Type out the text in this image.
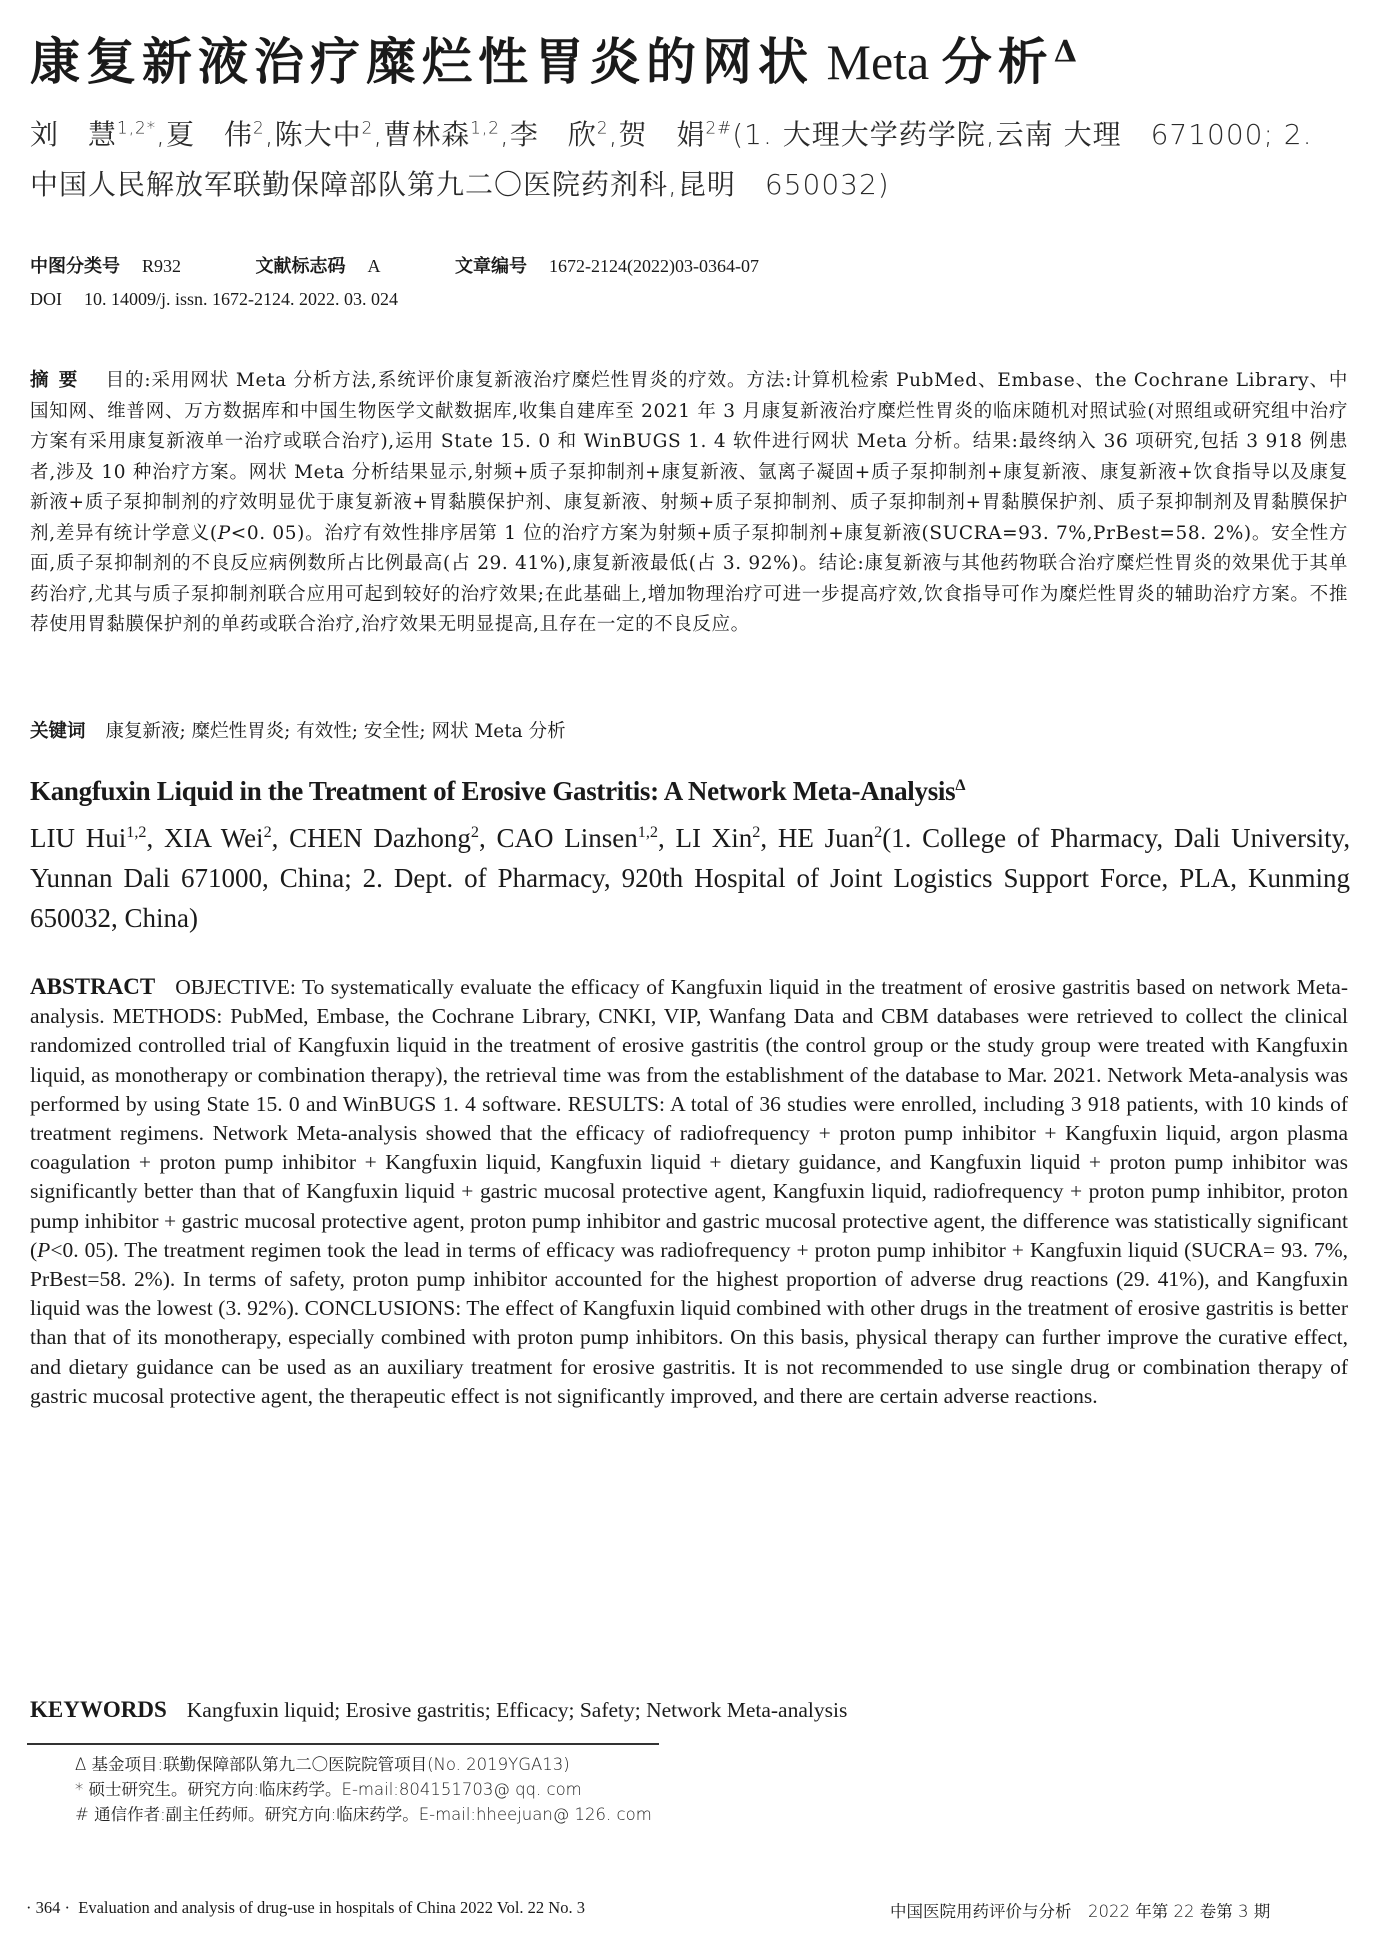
康复新液治疗糜烂性胃炎的网状 Meta 分析$^\Delta$
刘　慧$^{1,2*}$,夏　伟$^2$,陈大中$^2$,曹林森$^{1,2}$,李　欣$^2$,贺　娟$^{2\#}$(1. 大理大学药学院,云南 大理　671000; 2. 中国人民解放军联勤保障部队第九二〇医院药剂科,昆明　650032)
中图分类号 R932	文献标志码 A	文章编号 1672-2124(2022)03-0364-07
DOI 10. 14009/j. issn. 1672-2124. 2022. 03. 024
摘要 目的:采用网状 Meta 分析方法,系统评价康复新液治疗糜烂性胃炎的疗效。方法:计算机检索 PubMed、Embase、the Cochrane Library、中国知网、维普网、万方数据库和中国生物医学文献数据库,收集自建库至 2021 年 3 月康复新液治疗糜烂性胃炎的临床随机对照试验(对照组或研究组中治疗方案有采用康复新液单一治疗或联合治疗),运用 State 15. 0 和 WinBUGS 1. 4 软件进行网状 Meta 分析。结果:最终纳入 36 项研究,包括 3 918 例患者,涉及 10 种治疗方案。网状 Meta 分析结果显示,射频+质子泵抑制剂+康复新液、氩离子凝固+质子泵抑制剂+康复新液、康复新液+饮食指导以及康复新液+质子泵抑制剂的疗效明显优于康复新液+胃黏膜保护剂、康复新液、射频+质子泵抑制剂、质子泵抑制剂+胃黏膜保护剂、质子泵抑制剂及胃黏膜保护剂,差异有统计学意义(P<0. 05)。治疗有效性排序居第 1 位的治疗方案为射频+质子泵抑制剂+康复新液(SUCRA=93. 7%,PrBest=58. 2%)。安全性方面,质子泵抑制剂的不良反应病例数所占比例最高(占 29. 41%),康复新液最低(占 3. 92%)。结论:康复新液与其他药物联合治疗糜烂性胃炎的效果优于其单药治疗,尤其与质子泵抑制剂联合应用可起到较好的治疗效果;在此基础上,增加物理治疗可进一步提高疗效,饮食指导可作为糜烂性胃炎的辅助治疗方案。不推荐使用胃黏膜保护剂的单药或联合治疗,治疗效果无明显提高,且存在一定的不良反应。
关键词 康复新液; 糜烂性胃炎; 有效性; 安全性; 网状 Meta 分析
Kangfuxin Liquid in the Treatment of Erosive Gastritis: A Network Meta-Analysis$^\Delta$
LIU Hui$^{1,2}$, XIA Wei$^2$, CHEN Dazhong$^2$, CAO Linsen$^{1,2}$, LI Xin$^2$, HE Juan$^2$(1. College of Pharmacy, Dali University, Yunnan Dali 671000, China; 2. Dept. of Pharmacy, 920th Hospital of Joint Logistics Support Force, PLA, Kunming 650032, China)
ABSTRACT OBJECTIVE: To systematically evaluate the efficacy of Kangfuxin liquid in the treatment of erosive gastritis based on network Meta-analysis. METHODS: PubMed, Embase, the Cochrane Library, CNKI, VIP, Wanfang Data and CBM databases were retrieved to collect the clinical randomized controlled trial of Kangfuxin liquid in the treatment of erosive gastritis (the control group or the study group were treated with Kangfuxin liquid, as monotherapy or combination therapy), the retrieval time was from the establishment of the database to Mar. 2021. Network Meta-analysis was performed by using State 15. 0 and WinBUGS 1. 4 software. RESULTS: A total of 36 studies were enrolled, including 3 918 patients, with 10 kinds of treatment regimens. Network Meta-analysis showed that the efficacy of radiofrequency + proton pump inhibitor + Kangfuxin liquid, argon plasma coagulation + proton pump inhibitor + Kangfuxin liquid, Kangfuxin liquid + dietary guidance, and Kangfuxin liquid + proton pump inhibitor was significantly better than that of Kangfuxin liquid + gastric mucosal protective agent, Kangfuxin liquid, radiofrequency + proton pump inhibitor, proton pump inhibitor + gastric mucosal protective agent, proton pump inhibitor and gastric mucosal protective agent, the difference was statistically significant (P<0. 05). The treatment regimen took the lead in terms of efficacy was radiofrequency + proton pump inhibitor + Kangfuxin liquid (SUCRA= 93. 7%, PrBest=58. 2%). In terms of safety, proton pump inhibitor accounted for the highest proportion of adverse drug reactions (29. 41%), and Kangfuxin liquid was the lowest (3. 92%). CONCLUSIONS: The effect of Kangfuxin liquid combined with other drugs in the treatment of erosive gastritis is better than that of its monotherapy, especially combined with proton pump inhibitors. On this basis, physical therapy can further improve the curative effect, and dietary guidance can be used as an auxiliary treatment for erosive gastritis. It is not recommended to use single drug or combination therapy of gastric mucosal protective agent, the therapeutic effect is not significantly improved, and there are certain adverse reactions.
KEYWORDS Kangfuxin liquid; Erosive gastritis; Efficacy; Safety; Network Meta-analysis
Δ 基金项目:联勤保障部队第九二〇医院院管项目(No. 2019YGA13)
* 硕士研究生。研究方向:临床药学。E-mail:804151703@ qq. com
# 通信作者:副主任药师。研究方向:临床药学。E-mail:hheejuan@ 126. com
· 364 · Evaluation and analysis of drug-use in hospitals of China 2022 Vol. 22 No. 3	中国医院用药评价与分析　2022 年第 22 卷第 3 期
